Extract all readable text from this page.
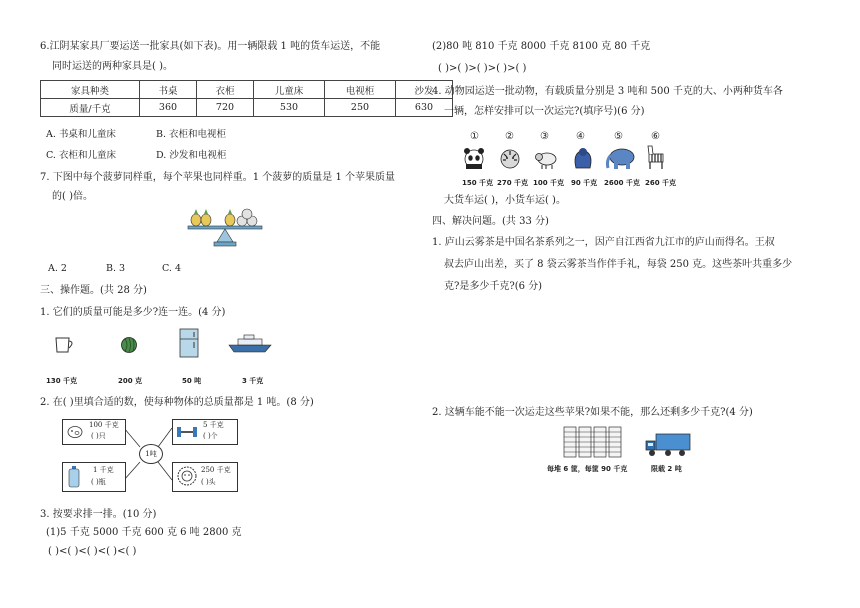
6.江阴某家具厂要运送一批家具(如下表)。用一辆限载 1 吨的货车运送，不能
同时运送的两种家具是( )。
家具种类	书桌	衣柜	儿童床	电视柜	沙发
质量/千克	360	720	530	250	630
A. 书桌和儿童床	B. 衣柜和电视柜
C. 衣柜和儿童床	D. 沙发和电视柜
7. 下图中每个菠萝同样重，每个苹果也同样重。1 个菠萝的质量是 1 个苹果质量
的( )倍。
A. 2	B. 3	C. 4
三、操作题。(共 28 分)
1. 它们的质量可能是多少?连一连。(4 分)
130 千克	200 克	50 吨	3 千克
2. 在( )里填合适的数，使每种物体的总质量都是 1 吨。(8 分)
1吨
100 千克
( )只
5 千克
( )个
1 千克
( )瓶
250 千克
( )头
3. 按要求排一排。(10 分)
(1)5 千克 5000 千克 600 克 6 吨 2800 克
( )<( )<( )<( )<( )
(2)80 吨 810 千克 8000 千克 8100 克 80 千克
( )>( )>( )>( )>( )
4. 动物园运送一批动物，有载质量分别是 3 吨和 500 千克的大、小两种货车各
一辆，怎样安排可以一次运完?(填序号)(6 分)
①	②	③	④	⑤	⑥
150 千克 270 千克 100 千克 90 千克 2600 千克 260 千克
大货车运( )，小货车运( )。
四、解决问题。(共 33 分)
1. 庐山云雾茶是中国名茶系列之一，因产自江西省九江市的庐山而得名。王叔
叔去庐山出差，买了 8 袋云雾茶当作伴手礼，每袋 250 克。这些茶叶共重多少
克?是多少千克?(6 分)
2. 这辆车能不能一次运走这些苹果?如果不能，那么还剩多少千克?(4 分)
每堆 6 筐，每筐 90 千克	限载 2 吨
